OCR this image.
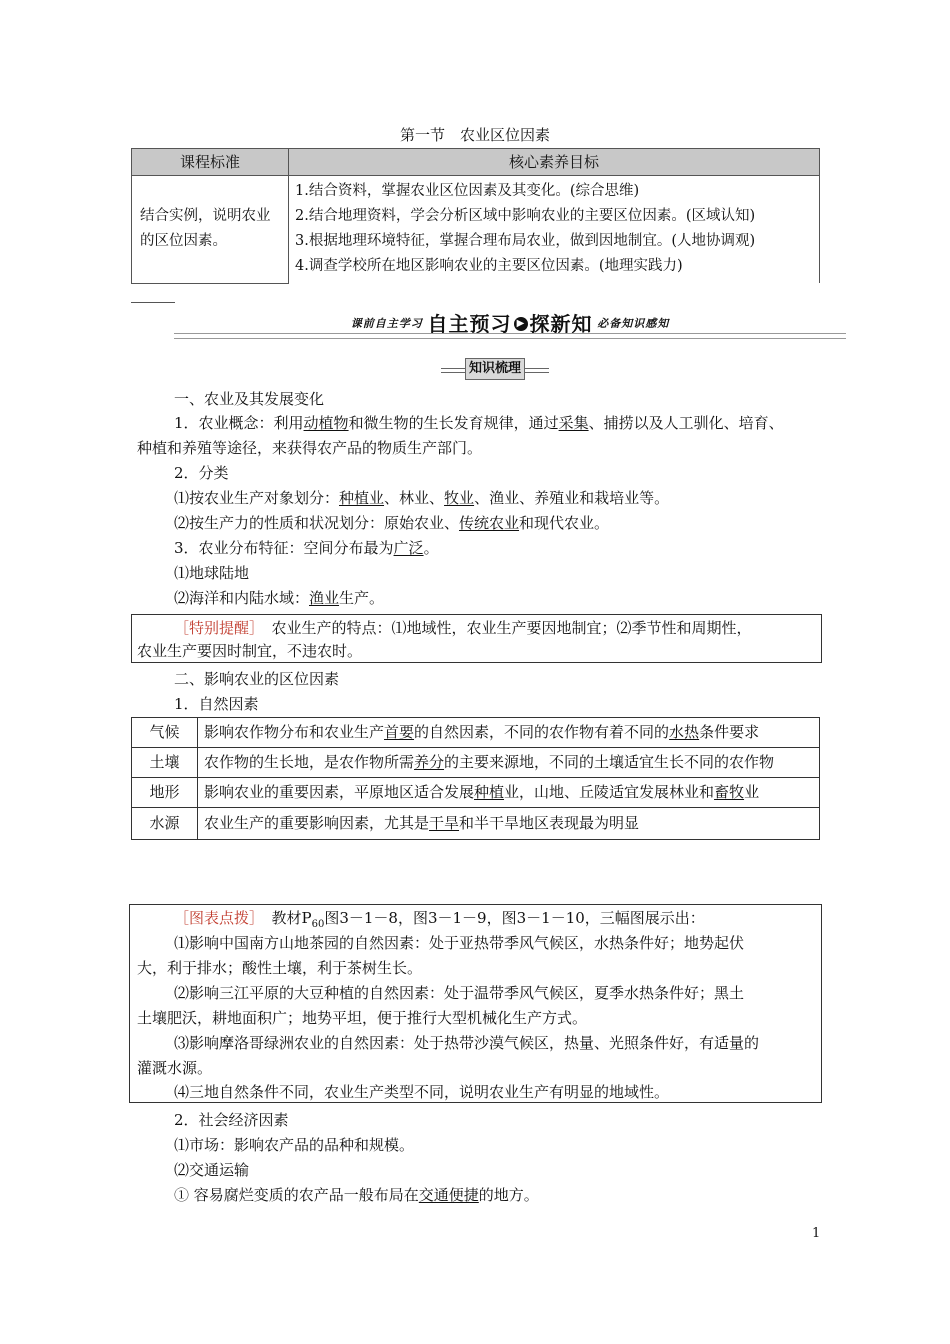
第一节　农业区位因素
课程标准	核心素养目标
结合实例，说明农业的区位因素。	1.结合资料，掌握农业区位因素及其变化。(综合思维)
2.结合地理资料，学会分析区域中影响农业的主要区位因素。(区域认知)
3.根据地理环境特征，掌握合理布局农业，做到因地制宜。(人地协调观)
4.调查学校所在地区影响农业的主要区位因素。(地理实践力)
课前自主学习 自主预习 ▶ 探新知 必备知识感知
知识梳理
一、农业及其发展变化
1．农业概念：利用动植物和微生物的生长发育规律，通过采集、捕捞以及人工驯化、培育、
种植和养殖等途径，来获得农产品的物质生产部门。
2．分类
⑴按农业生产对象划分：种植业、林业、牧业、渔业、养殖业和栽培业等。
⑵按生产力的性质和状况划分：原始农业、传统农业和现代农业。
3．农业分布特征：空间分布最为广泛。
⑴地球陆地
⑵海洋和内陆水域：渔业生产。
［特别提醒］　农业生产的特点：⑴地域性，农业生产要因地制宜；⑵季节性和周期性，
农业生产要因时制宜，不违农时。
二、影响农业的区位因素
1．自然因素
气候	影响农作物分布和农业生产首要的自然因素，不同的农作物有着不同的水热条件要求
土壤	农作物的生长地，是农作物所需养分的主要来源地，不同的土壤适宜生长不同的农作物
地形	影响农业的重要因素，平原地区适合发展种植业，山地、丘陵适宜发展林业和畜牧业
水源	农业生产的重要影响因素，尤其是干旱和半干旱地区表现最为明显
［图表点拨］　教材$P_{60}$图3－1－8，图3－1－9，图3－1－10，三幅图展示出：
⑴影响中国南方山地茶园的自然因素：处于亚热带季风气候区，水热条件好；地势起伏
大，利于排水；酸性土壤，利于茶树生长。
⑵影响三江平原的大豆种植的自然因素：处于温带季风气候区，夏季水热条件好；黑土
土壤肥沃，耕地面积广；地势平坦，便于推行大型机械化生产方式。
⑶影响摩洛哥绿洲农业的自然因素：处于热带沙漠气候区，热量、光照条件好，有适量的
灌溉水源。
⑷三地自然条件不同，农业生产类型不同，说明农业生产有明显的地域性。
2．社会经济因素
⑴市场：影响农产品的品种和规模。
⑵交通运输
① 容易腐烂变质的农产品一般布局在交通便捷的地方。
1
